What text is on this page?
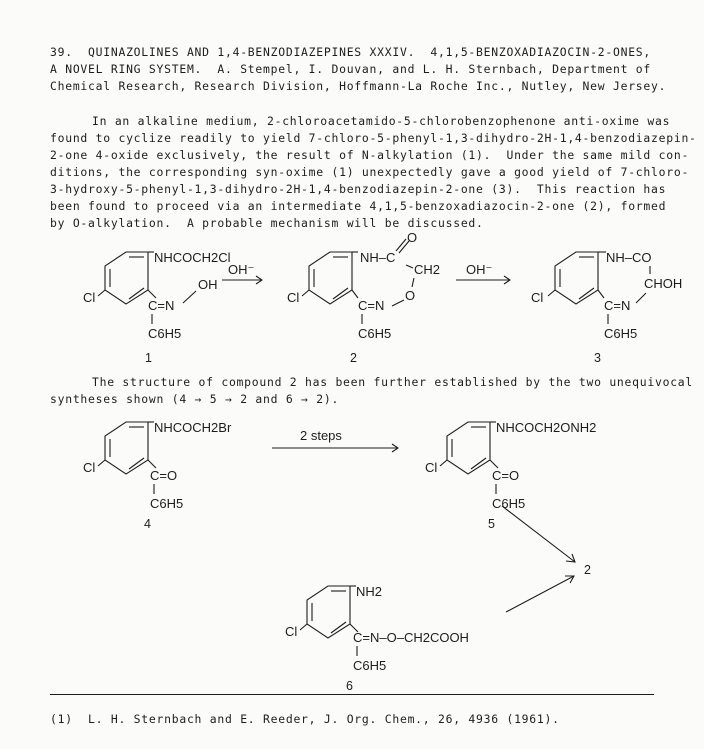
39.  QUINAZOLINES AND 1,4-BENZODIAZEPINES XXXIV.  4,1,5-BENZOXADIAZOCIN-2-ONES,
A NOVEL RING SYSTEM.  A. Stempel, I. Douvan, and L. H. Sternbach, Department of
Chemical Research, Research Division, Hoffmann-La Roche Inc., Nutley, New Jersey.
In an alkaline medium, 2-chloroacetamido-5-chlorobenzophenone anti-oxime was
found to cyclize readily to yield 7-chloro-5-phenyl-1,3-dihydro-2H-1,4-benzodiazepin-
2-one 4-oxide exclusively, the result of N-alkylation (1).  Under the same mild con-
ditions, the corresponding syn-oxime (1) unexpectedly gave a good yield of 7-chloro-
3-hydroxy-5-phenyl-1,3-dihydro-2H-1,4-benzodiazepin-2-one (3).  This reaction has
been found to proceed via an intermediate 4,1,5-benzoxadiazocin-2-one (2), formed
by O-alkylation.  A probable mechanism will be discussed.
The structure of compound 2 has been further established by the two unequivocal
syntheses shown (4 → 5 → 2 and 6 → 2).
Cl
NHCOCH2Cl
OH
C=N
C6H5
1
OH⁻
Cl
NH–C
O
CH2
O
C=N
C6H5
2
OH⁻
Cl
NH–CO
CHOH
C=N
C6H5
3
Cl
NHCOCH2Br
C=O
C6H5
4
2 steps
Cl
NHCOCH2ONH2
C=O
C6H5
5
2
Cl
NH2
C=N–O–CH2COOH
C6H5
6
(1)  L. H. Sternbach and E. Reeder, J. Org. Chem., 26, 4936 (1961).
